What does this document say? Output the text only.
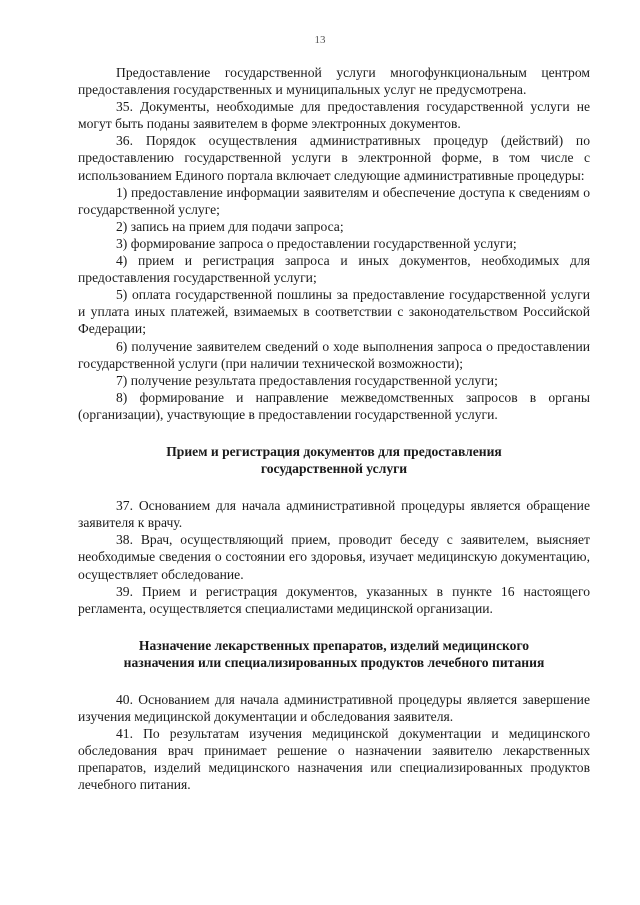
13

Предоставление государственной услуги многофункциональным центром предоставления государственных и муниципальных услуг не предусмотрена.

35. Документы, необходимые для предоставления государственной услуги не могут быть поданы заявителем в форме электронных документов.

36. Порядок осуществления административных процедур (действий) по предоставлению государственной услуги в электронной форме, в том числе с использованием Единого портала включает следующие административные процедуры:

1) предоставление информации заявителям и обеспечение доступа к сведениям о государственной услуге;

2) запись на прием для подачи запроса;

3) формирование запроса о предоставлении государственной услуги;

4) прием и регистрация запроса и иных документов, необходимых для предоставления государственной услуги;

5) оплата государственной пошлины за предоставление государственной услуги и уплата иных платежей, взимаемых в соответствии с законодательством Российской Федерации;

6) получение заявителем сведений о ходе выполнения запроса о предоставлении государственной услуги (при наличии технической возможности);

7) получение результата предоставления государственной услуги;

8) формирование и направление межведомственных запросов в органы (организации), участвующие в предоставлении государственной услуги.

Прием и регистрация документов для предоставления
государственной услуги

37. Основанием для начала административной процедуры является обращение заявителя к врачу.

38. Врач, осуществляющий прием, проводит беседу с заявителем, выясняет необходимые сведения о состоянии его здоровья, изучает медицинскую документацию, осуществляет обследование.

39. Прием и регистрация документов, указанных в пункте 16 настоящего регламента, осуществляется специалистами медицинской организации.

Назначение лекарственных препаратов, изделий медицинского
назначения или специализированных продуктов лечебного питания

40. Основанием для начала административной процедуры является завершение изучения медицинской документации и обследования заявителя.

41. По результатам изучения медицинской документации и медицинского обследования врач принимает решение о назначении заявителю лекарственных препаратов, изделий медицинского назначения или специализированных продуктов лечебного питания.
